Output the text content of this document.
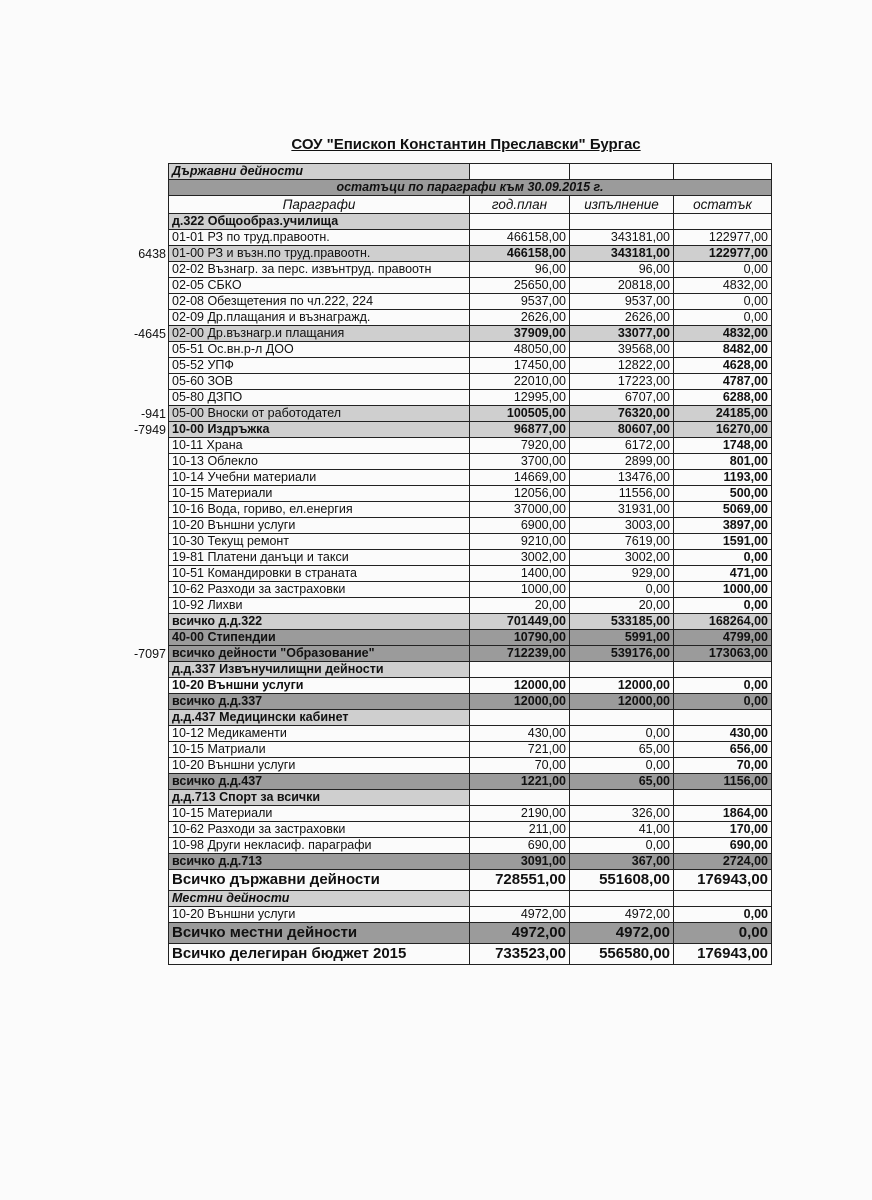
СОУ "Епископ Константин Преславски" Бургас
Държавни дейности			
остатъци по параграфи към 30.09.2015 г.			
Параграфи	год.план	изпълнение	остатък
д.322 Общообраз.училища			
01-01 РЗ по труд.правоотн.	466158,00	343181,00	122977,00
01-00 РЗ и възн.по труд.правоотн.	466158,00	343181,00	122977,00
02-02 Възнагр. за перс. извънтруд. правоотн	96,00	96,00	0,00
02-05 СБКО	25650,00	20818,00	4832,00
02-08 Обезщетения по чл.222, 224	9537,00	9537,00	0,00
02-09 Др.плащания и възнагражд.	2626,00	2626,00	0,00
02-00 Др.възнагр.и плащания	37909,00	33077,00	4832,00
05-51 Ос.вн.р-л ДОО	48050,00	39568,00	8482,00
05-52 УПФ	17450,00	12822,00	4628,00
05-60 ЗОВ	22010,00	17223,00	4787,00
05-80 ДЗПО	12995,00	6707,00	6288,00
05-00 Вноски от работодател	100505,00	76320,00	24185,00
10-00 Издръжка	96877,00	80607,00	16270,00
10-11 Храна	7920,00	6172,00	1748,00
10-13 Облекло	3700,00	2899,00	801,00
10-14 Учебни материали	14669,00	13476,00	1193,00
10-15 Материали	12056,00	11556,00	500,00
10-16 Вода, гориво, ел.енергия	37000,00	31931,00	5069,00
10-20 Външни услуги	6900,00	3003,00	3897,00
10-30 Текущ ремонт	9210,00	7619,00	1591,00
19-81 Платени данъци и такси	3002,00	3002,00	0,00
10-51 Командировки в страната	1400,00	929,00	471,00
10-62 Разходи за застраховки	1000,00	0,00	1000,00
10-92 Лихви	20,00	20,00	0,00
всичко д.д.322	701449,00	533185,00	168264,00
40-00 Стипендии	10790,00	5991,00	4799,00
всичко дейности "Образование"	712239,00	539176,00	173063,00
д.д.337 Извънучилищни дейности			
10-20 Външни услуги	12000,00	12000,00	0,00
всичко д.д.337	12000,00	12000,00	0,00
д.д.437 Медицински кабинет			
10-12 Медикаменти	430,00	0,00	430,00
10-15 Матриали	721,00	65,00	656,00
10-20 Външни услуги	70,00	0,00	70,00
всичко д.д.437	1221,00	65,00	1156,00
д.д.713 Спорт за всички			
10-15 Материали	2190,00	326,00	1864,00
10-62 Разходи за застраховки	211,00	41,00	170,00
10-98 Други некласиф. параграфи	690,00	0,00	690,00
всичко д.д.713	3091,00	367,00	2724,00
Всичко държавни дейности	728551,00	551608,00	176943,00
Местни дейности			
10-20 Външни услуги	4972,00	4972,00	0,00
Всичко местни дейности	4972,00	4972,00	0,00
Всичко делегиран бюджет 2015	733523,00	556580,00	176943,00
6438
-4645
-941
-7949
-7097
